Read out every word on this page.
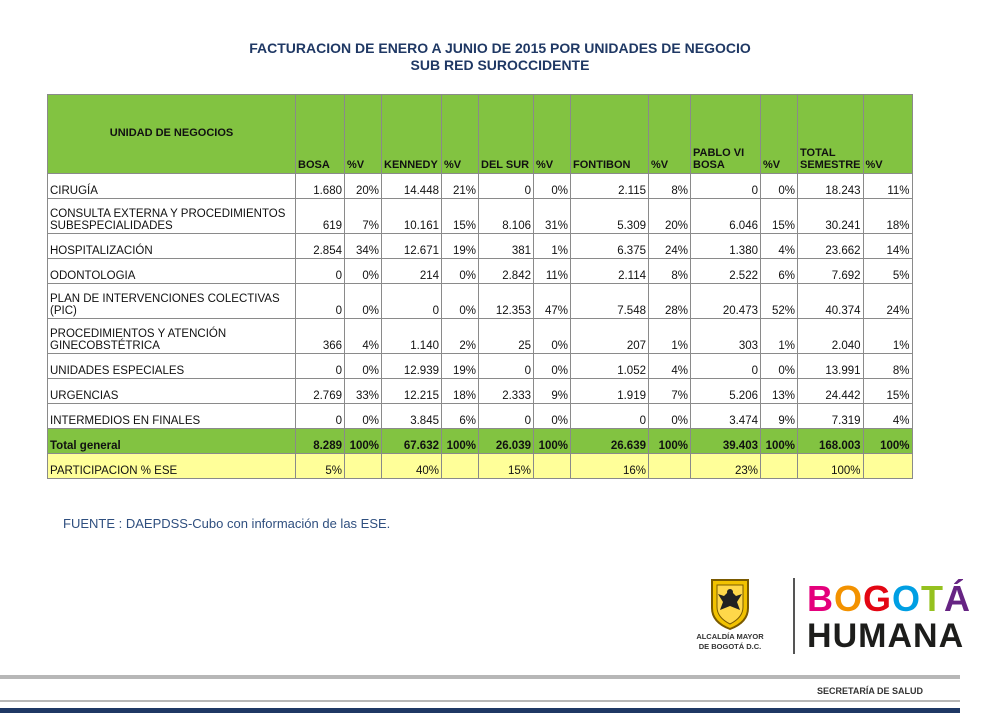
FACTURACION DE ENERO A JUNIO DE 2015 POR UNIDADES DE NEGOCIO
SUB RED SUROCCIDENTE
UNIDAD DE NEGOCIOS	BOSA	%V	KENNEDY	%V	DEL SUR	%V	FONTIBON	%V	PABLO VI BOSA	%V	TOTAL SEMESTRE	%V
CIRUGÍA	1.680	20%	14.448	21%	0	0%	2.115	8%	0	0%	18.243	11%
CONSULTA EXTERNA Y PROCEDIMIENTOS SUBESPECIALIDADES	619	7%	10.161	15%	8.106	31%	5.309	20%	6.046	15%	30.241	18%
HOSPITALIZACIÓN	2.854	34%	12.671	19%	381	1%	6.375	24%	1.380	4%	23.662	14%
ODONTOLOGIA	0	0%	214	0%	2.842	11%	2.114	8%	2.522	6%	7.692	5%
PLAN DE INTERVENCIONES COLECTIVAS (PIC)	0	0%	0	0%	12.353	47%	7.548	28%	20.473	52%	40.374	24%
PROCEDIMIENTOS Y ATENCIÓN GINECOBSTÉTRICA	366	4%	1.140	2%	25	0%	207	1%	303	1%	2.040	1%
UNIDADES ESPECIALES	0	0%	12.939	19%	0	0%	1.052	4%	0	0%	13.991	8%
URGENCIAS	2.769	33%	12.215	18%	2.333	9%	1.919	7%	5.206	13%	24.442	15%
INTERMEDIOS EN FINALES	0	0%	3.845	6%	0	0%	0	0%	3.474	9%	7.319	4%
Total general	8.289	100%	67.632	100%	26.039	100%	26.639	100%	39.403	100%	168.003	100%
PARTICIPACION % ESE	5%		40%		15%		16%		23%		100%	
FUENTE : DAEPDSS-Cubo con información de las ESE.
ALCALDÍA MAYOR
DE BOGOTÁ D.C.
BOGOTÁ
HUMANA
SECRETARÍA DE SALUD
